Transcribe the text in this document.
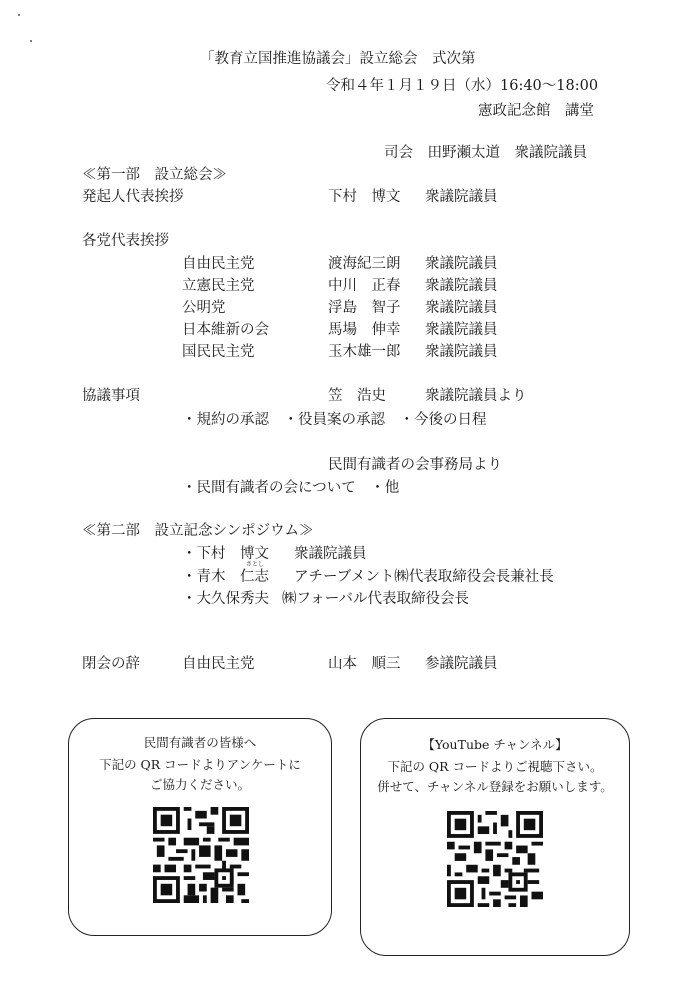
「教育立国推進協議会」設立総会　式次第
令和４年１月１９日（水）16:40～18:00
憲政記念館　講堂
司会　田野瀬太道　衆議院議員
≪第一部　設立総会≫
発起人代表挨拶	下村　博文 衆議院議員
各党代表挨拶
自由民主党	渡海紀三朗 衆議院議員
立憲民主党	中川　正春 衆議院議員
公明党	浮島　智子 衆議院議員
日本維新の会	馬場　伸幸 衆議院議員
国民民主党	玉木雄一郎 衆議院議員
協議事項	笠　浩史	衆議院議員より
・規約の承認　・役員案の承認　・今後の日程
民間有識者の会事務局より
・民間有識者の会について　・他
≪第二部　設立記念シンポジウム≫
・下村　博文 衆議院議員
さとし
・青木　仁志 アチーブメント㈱代表取締役会長兼社長
・大久保秀夫 ㈱フォーバル代表取締役会長
閉会の辞	自由民主党	山本　順三 参議院議員
民間有識者の皆様へ
下記の QR コードよりアンケートに
ご協力ください。
【YouTube チャンネル】
下記の QR コードよりご視聴下さい。
併せて、チャンネル登録をお願いします。
